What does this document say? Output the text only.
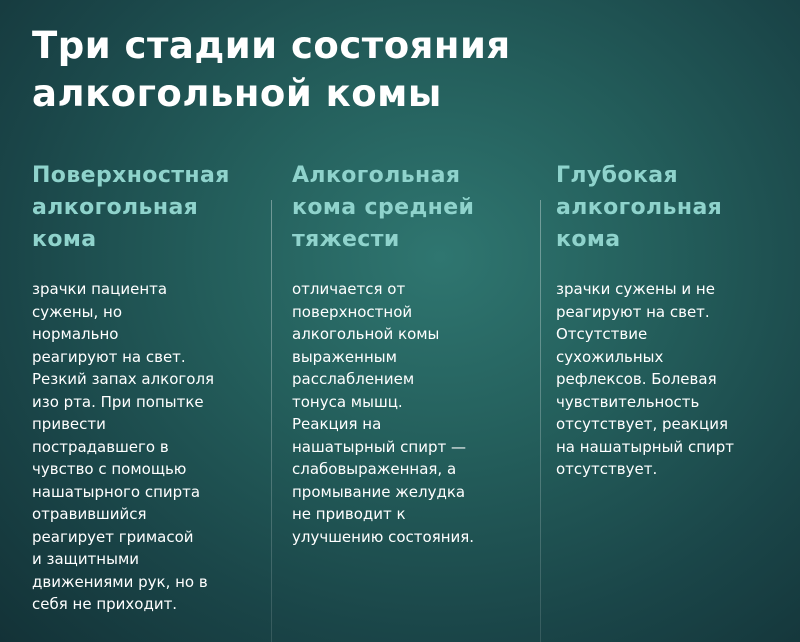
Три стадии состояния
алкогольной комы
Поверхностная
алкогольная
кома

зрачки пациента
сужены, но
нормально
реагируют на свет.
Резкий запах алкоголя
изо рта. При попытке
привести
пострадавшего в
чувство с помощью
нашатырного спирта
отравившийся
реагирует гримасой
и защитными
движениями рук, но в
себя не приходит.

Алкогольная
кома средней
тяжести

отличается от
поверхностной
алкогольной комы
выраженным
расслаблением
тонуса мышц.
Реакция на
нашатырный спирт —
слабовыраженная, а
промывание желудка
не приводит к
улучшению состояния.

Глубокая
алкогольная
кома

зрачки сужены и не
реагируют на свет.
Отсутствие
сухожильных
рефлексов. Болевая
чувствительность
отсутствует, реакция
на нашатырный спирт
отсутствует.
